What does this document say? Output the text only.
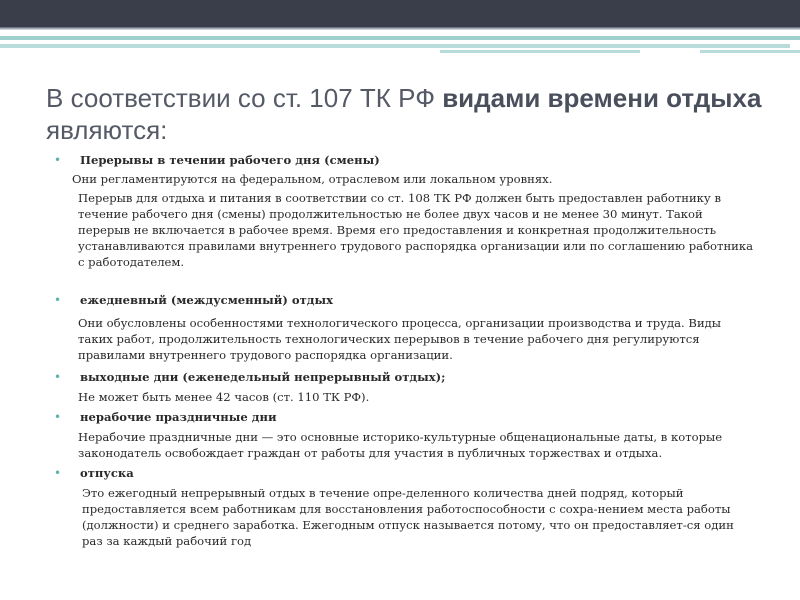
В соответствии со ст. 107 ТК РФ видами времени отдыха
являются:
•	Перерывы в течении рабочего дня (смены)
Они регламентируются на федеральном, отраслевом или локальном уровнях.
Перерыв для отдыха и питания в соответствии со ст. 108 ТК РФ должен быть предоставлен работнику в течение рабочего дня (смены) продолжительностью не более двух часов и не менее 30 минут. Такой перерыв не включается в рабочее время. Время его предоставления и конкретная продолжительность устанавливаются правилами внутреннего трудового распорядка организации или по соглашению работника с работодателем.
•	ежедневный (междусменный) отдых
Они обусловлены особенностями технологического процесса, организации производства и труда. Виды таких работ, продолжительность технологических перерывов в течение рабочего дня регулируются правилами внутреннего трудового распорядка организации.
•	выходные дни (еженедельный непрерывный отдых);
Не может быть менее 42 часов (ст. 110 ТК РФ).
•	нерабочие праздничные дни
Нерабочие праздничные дни — это основные историко-культурные общенациональные даты, в которые законодатель освобождает граждан от работы для участия в публичных торжествах и отдыха.
•	отпуска
Это ежегодный непрерывный отдых в течение опре-деленного количества дней подряд, который предоставляется всем работникам для восстановления работоспособности с сохра-нением места работы (должности) и среднего заработка. Ежегодным отпуск называется потому, что он предоставляет-ся один раз за каждый рабочий год
